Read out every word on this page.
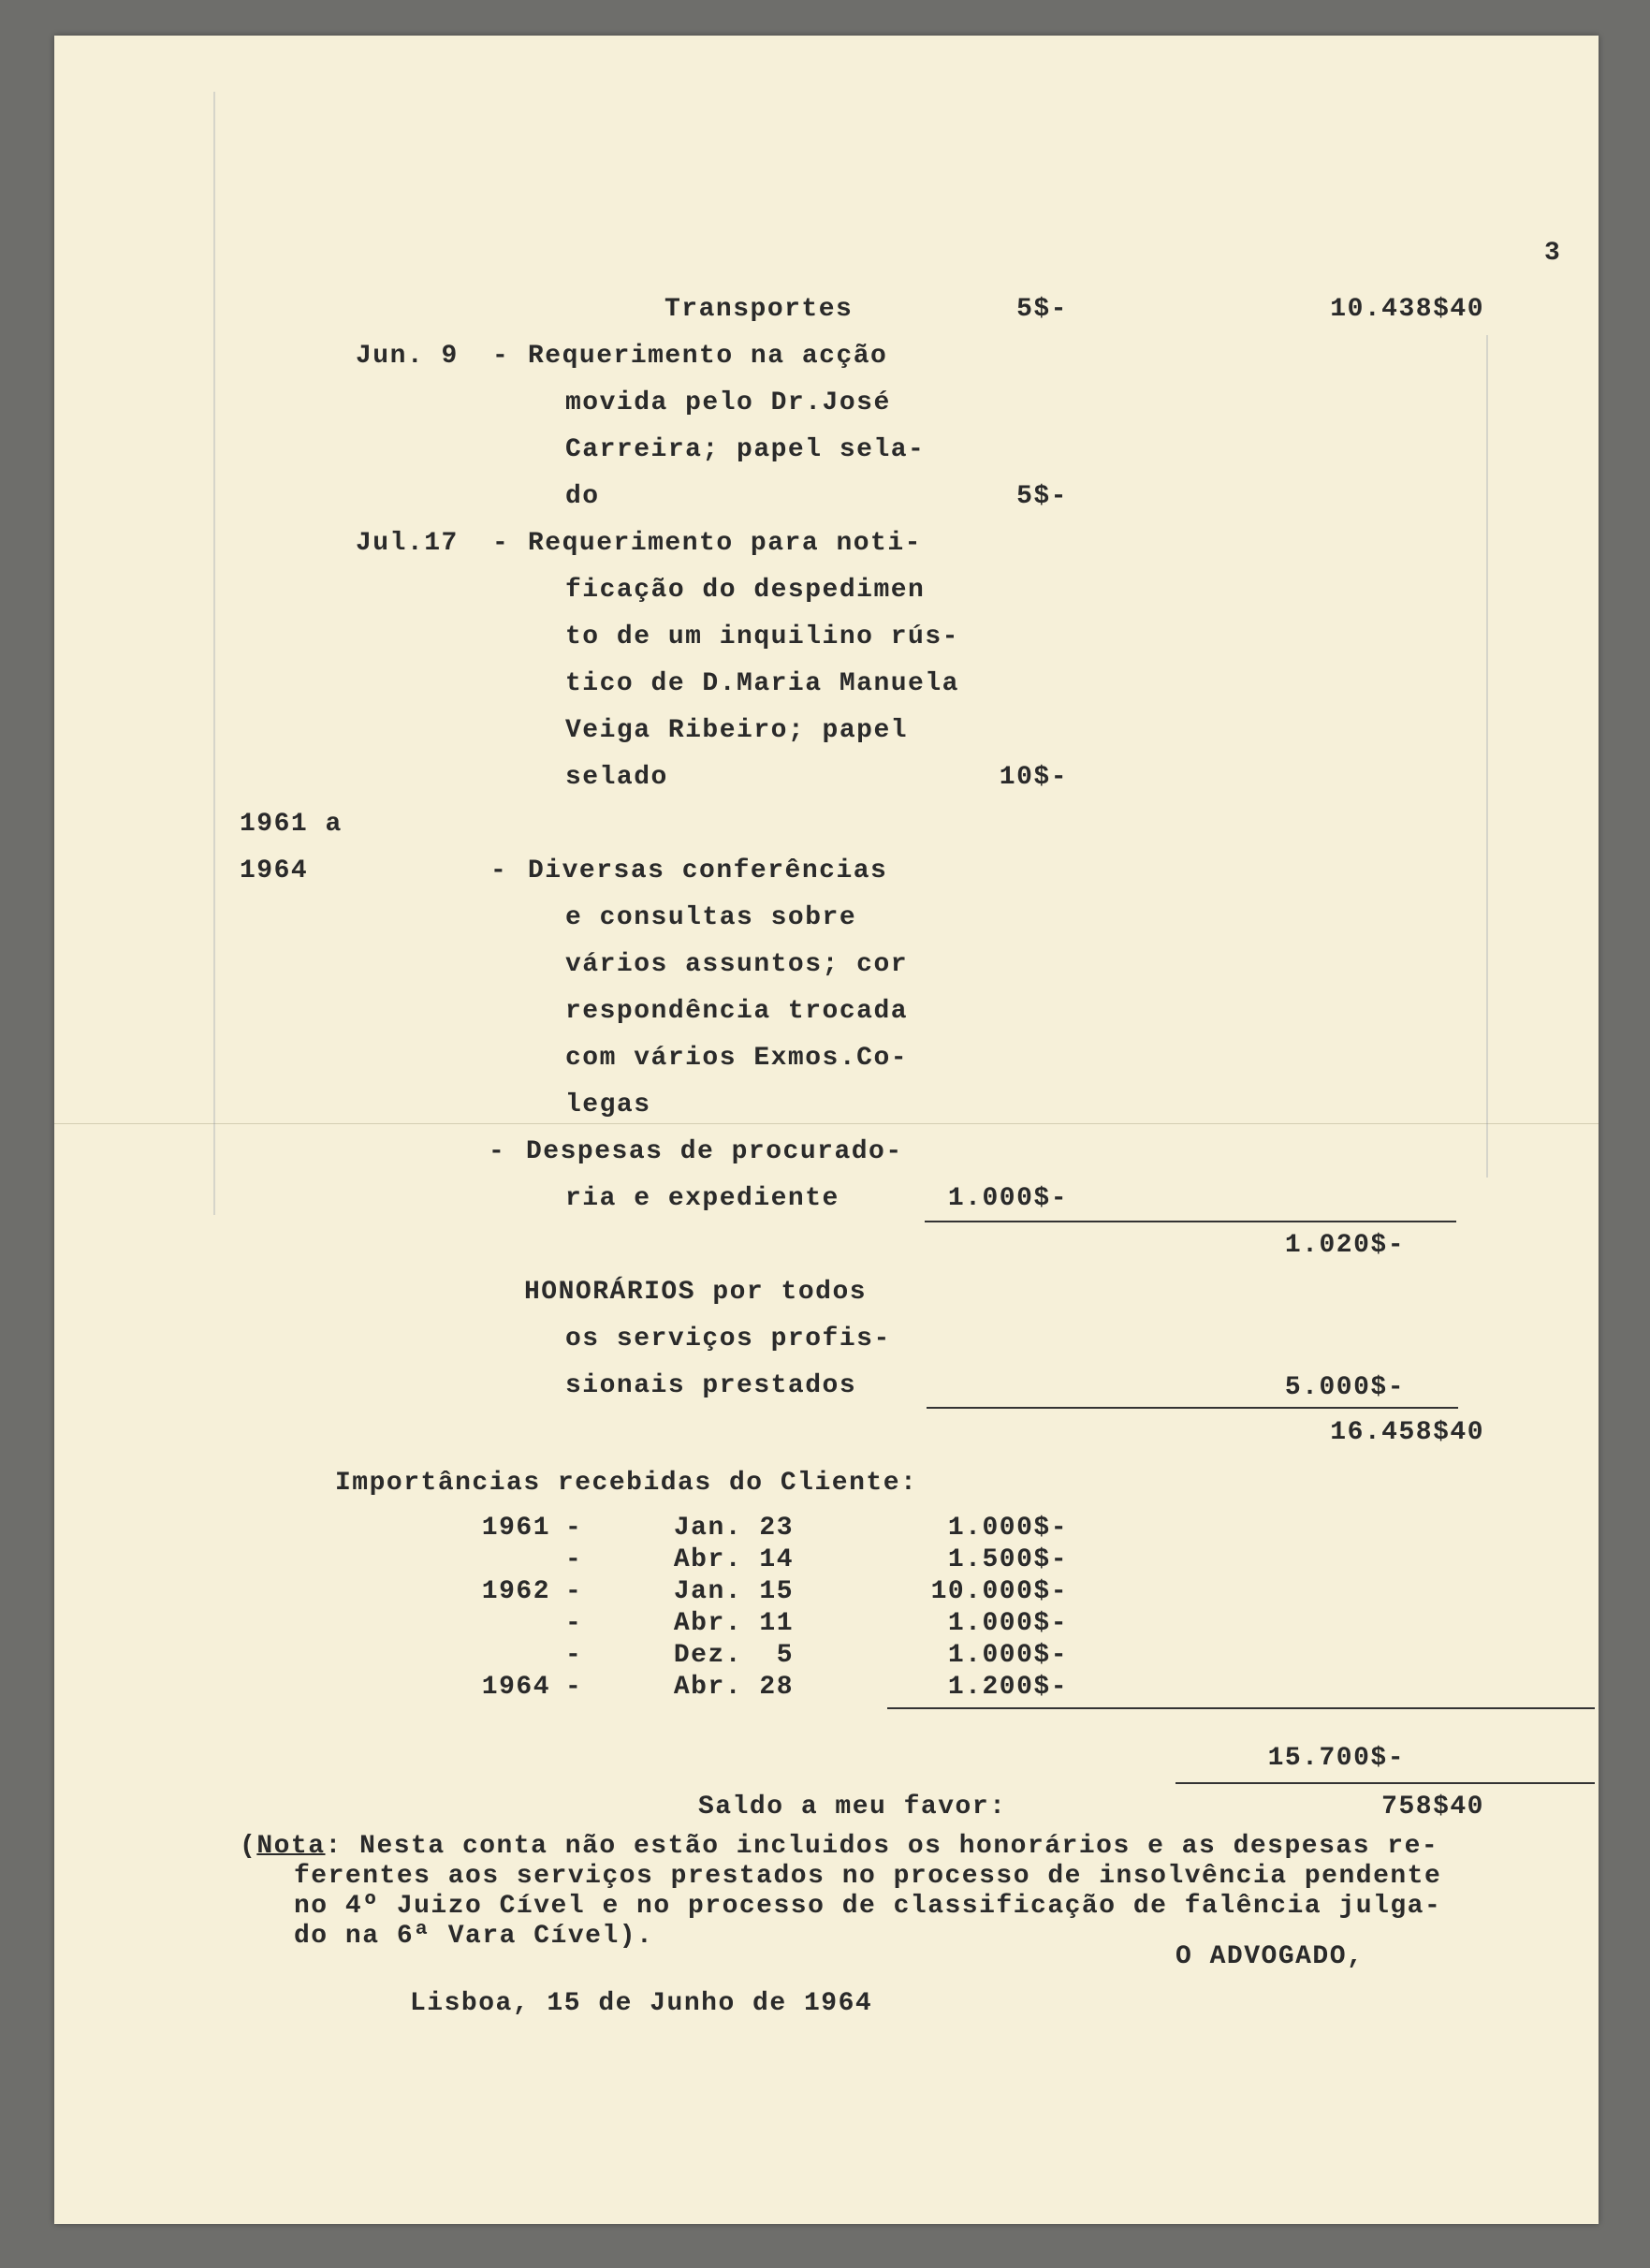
3
Transportes	5$-	10.438$40
Jun. 9 - Requerimento na acção
movida pelo Dr.José
Carreira; papel sela-
do	5$-
Jul.17 - Requerimento para noti-
ficação do despedimen
to de um inquilino rús-
tico de D.Maria Manuela
Veiga Ribeiro; papel
selado	10$-
1961 a
1964	- Diversas conferências
e consultas sobre
vários assuntos; cor
respondência trocada
com vários Exmos.Co-
legas
- Despesas de procurado-
ria e expediente	1.000$-
1.020$-
HONORÁRIOS por todos
os serviços profis-
sionais prestados	5.000$-
16.458$40
Importâncias recebidas do Cliente:
1961 -	Jan. 23	1.000$-
-	Abr. 14	1.500$-
1962 -	Jan. 15	10.000$-
-	Abr. 11	1.000$-
-	Dez.  5	1.000$-
1964 -	Abr. 28	1.200$-
15.700$-
Saldo a meu favor:	758$40
(Nota: Nesta conta não estão incluidos os honorários e as despesas re-
ferentes aos serviços prestados no processo de insolvência pendente
no 4º Juizo Cível e no processo de classificação de falência julga-
do na 6ª Vara Cível).
O ADVOGADO,
Lisboa, 15 de Junho de 1964
